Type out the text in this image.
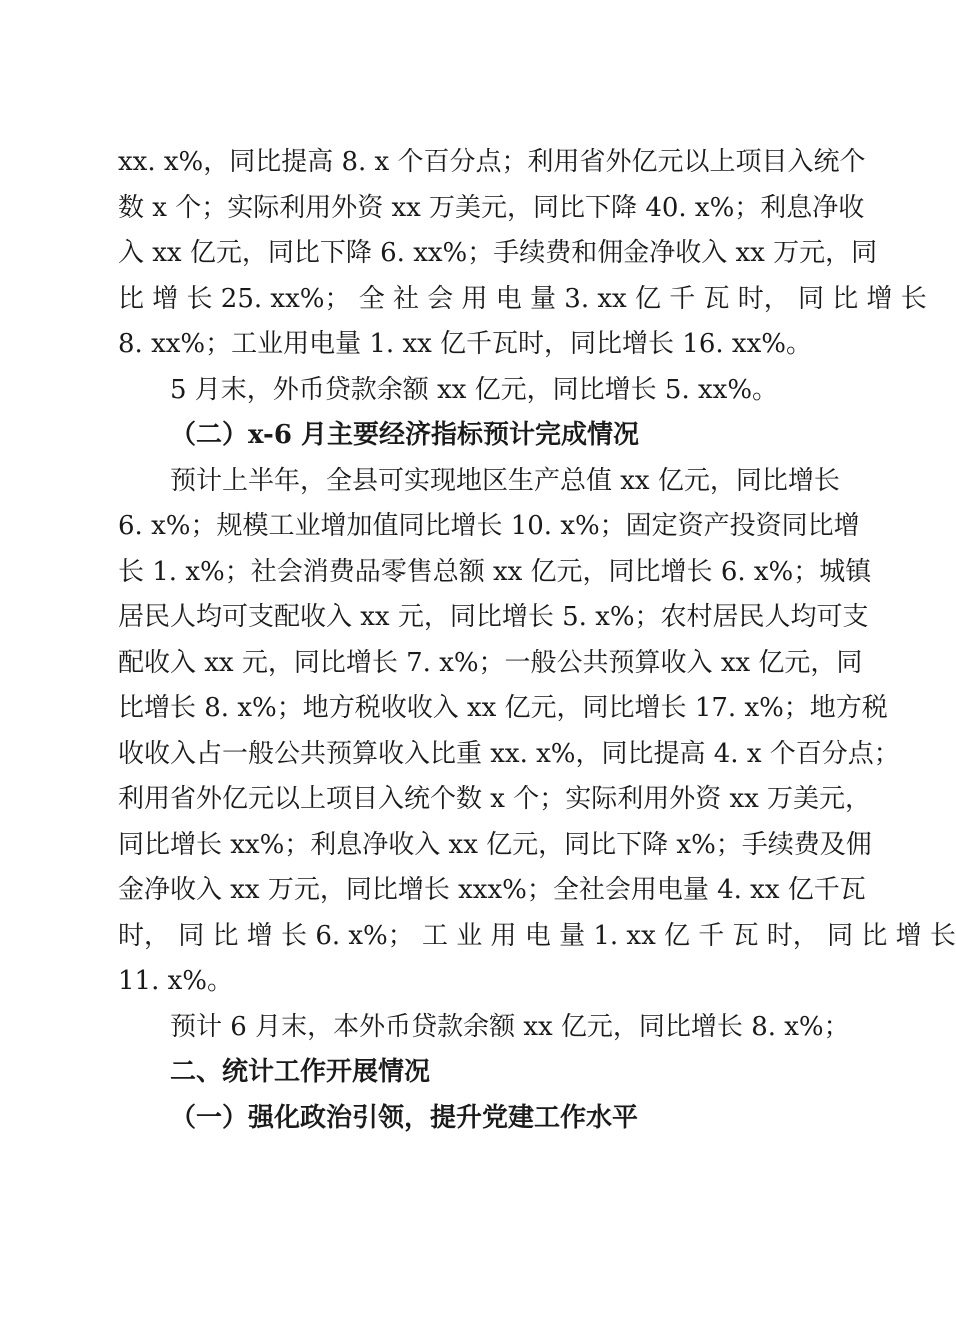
xx. x%，同比提高 8. x 个百分点；利用省外亿元以上项目入统个
数 x 个；实际利用外资 xx 万美元，同比下降 40. x%；利息净收
入 xx 亿元，同比下降 6. xx%；手续费和佣金净收入 xx 万元，同
比 增 长 25. xx%； 全 社 会 用 电 量 3. xx 亿 千 瓦 时， 同 比 增 长
8. xx%；工业用电量 1. xx 亿千瓦时，同比增长 16. xx%。
5 月末，外币贷款余额 xx 亿元，同比增长 5. xx%。
（二）x-6 月主要经济指标预计完成情况
预计上半年，全县可实现地区生产总值 xx 亿元，同比增长
6. x%；规模工业增加值同比增长 10. x%；固定资产投资同比增
长 1. x%；社会消费品零售总额 xx 亿元，同比增长 6. x%；城镇
居民人均可支配收入 xx 元，同比增长 5. x%；农村居民人均可支
配收入 xx 元，同比增长 7. x%；一般公共预算收入 xx 亿元，同
比增长 8. x%；地方税收收入 xx 亿元，同比增长 17. x%；地方税
收收入占一般公共预算收入比重 xx. x%，同比提高 4. x 个百分点；
利用省外亿元以上项目入统个数 x 个；实际利用外资 xx 万美元，
同比增长 xx%；利息净收入 xx 亿元，同比下降 x%；手续费及佣
金净收入 xx 万元，同比增长 xxx%；全社会用电量 4. xx 亿千瓦
时， 同 比 增 长 6. x%； 工 业 用 电 量 1. xx 亿 千 瓦 时， 同 比 增 长
11. x%。
预计 6 月末，本外币贷款余额 xx 亿元，同比增长 8. x%；
二、统计工作开展情况
（一）强化政治引领，提升党建工作水平
